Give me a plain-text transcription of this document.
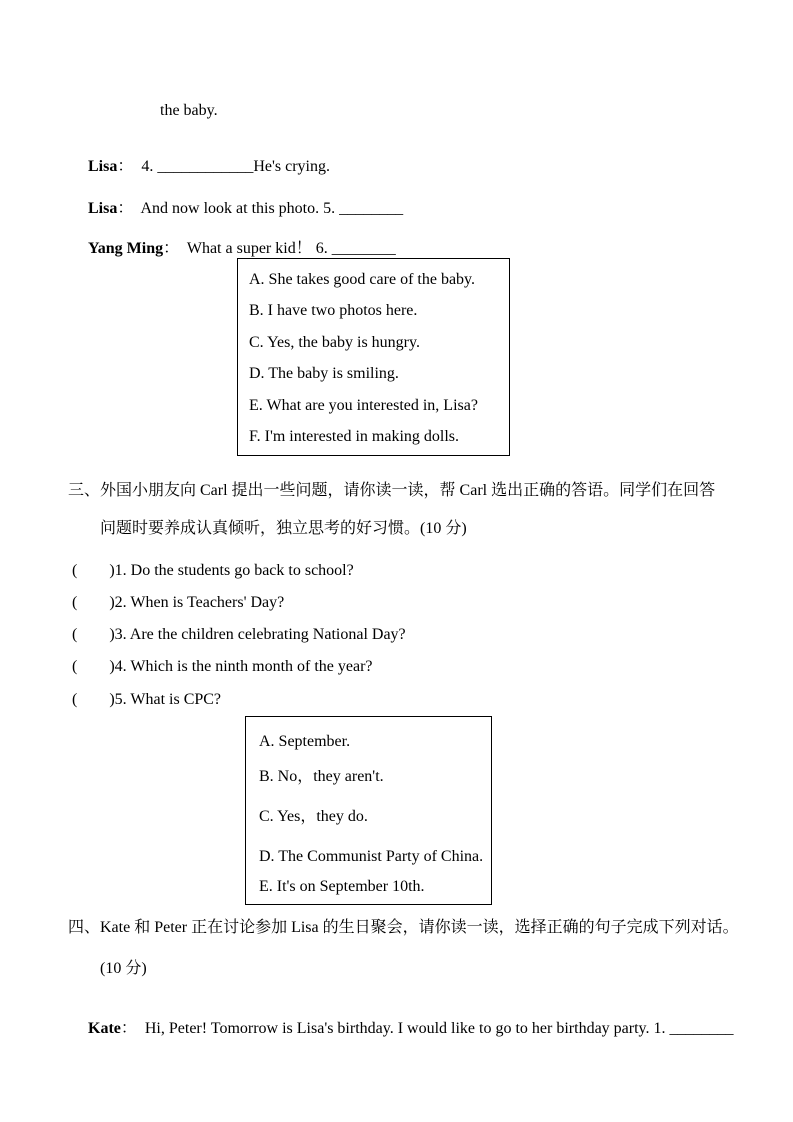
the baby.

Lisa：  4. ____________He's crying.

Lisa：  And now look at this photo. 5. ________

Yang Ming：  What a super kid！ 6. ________

A. She takes good care of the baby.
B. I have two photos here.
C. Yes, the baby is hungry.
D. The baby is smiling.
E. What are you interested in, Lisa?
F. I'm interested in making dolls.
三、外国小朋友向 Carl 提出一些问题，请你读一读，帮 Carl 选出正确的答语。同学们在回答
问题时要养成认真倾听，独立思考的好习惯。(10 分)
(  )1. Do the students go back to school?
(  )2. When is Teachers' Day?
(  )3. Are the children celebrating National Day?
(  )4. Which is the ninth month of the year?
(  )5. What is CPC?
A. September.
B. No，they aren't.
C. Yes，they do.
D. The Communist Party of China.
E. It's on September 10th.
四、Kate 和 Peter 正在讨论参加 Lisa 的生日聚会，请你读一读，选择正确的句子完成下列对话。
(10 分)

Kate：  Hi, Peter! Tomorrow is Lisa's birthday. I would like to go to her birthday party. 1. ________
